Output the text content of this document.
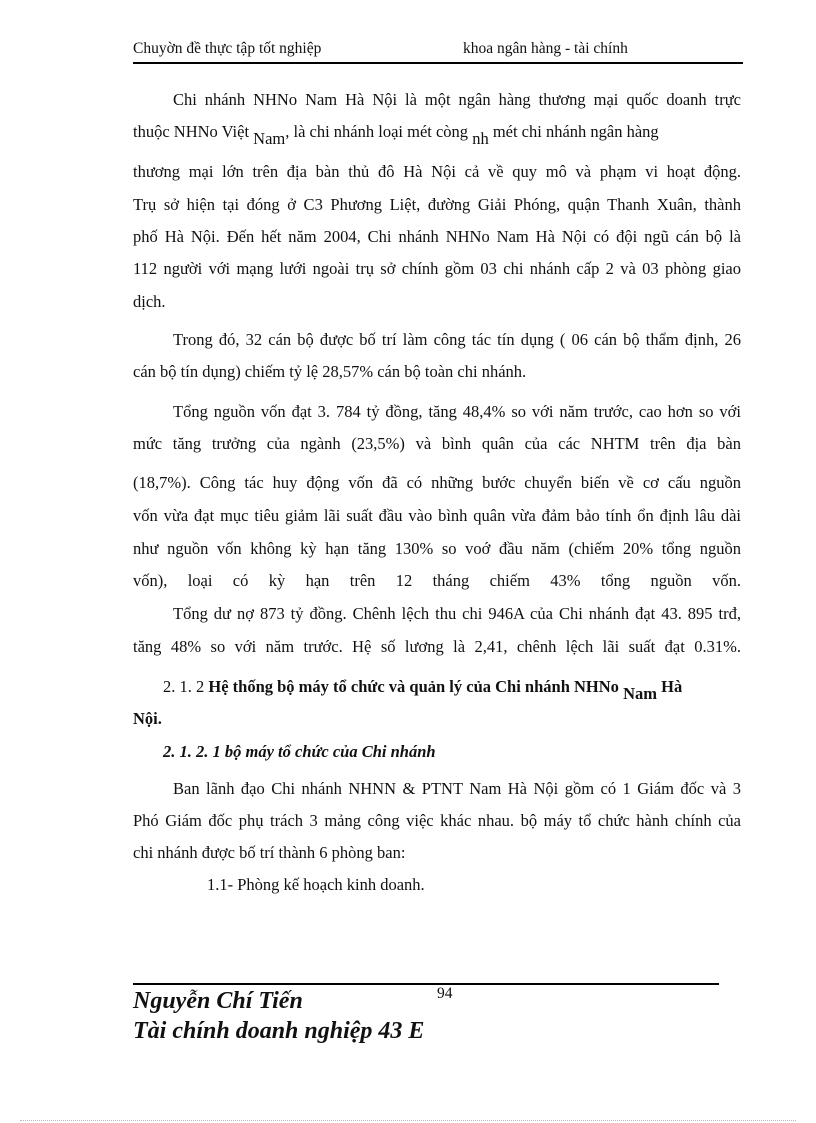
Chuyờn đề thực tập tốt nghiệp	khoa ngân hàng - tài chính
Chi nhánh NHNo Nam Hà Nội là một ngân hàng thương mại quốc doanh trực
thuộc NHNo Việt Nam, là chi nhánh loại mét còng nh mét chi nhánh ngân hàng
thương mại lớn trên địa bàn thủ đô Hà Nội cả về quy mô và phạm vi hoạt động.
Trụ sở hiện tại đóng ở C3 Phương Liệt, đường Giải Phóng, quận Thanh Xuân, thành
phố Hà Nội. Đến hết năm 2004, Chi nhánh NHNo Nam Hà Nội có đội ngũ cán bộ là
112 người với mạng lưới ngoài trụ sở chính gồm 03 chi nhánh cấp 2 và 03 phòng giao
dịch.
Trong đó, 32 cán bộ được bố trí làm công tác tín dụng ( 06 cán bộ thẩm định, 26
cán bộ tín dụng) chiếm tỷ lệ 28,57% cán bộ toàn chi nhánh.
Tổng nguồn vốn đạt 3. 784 tỷ đồng, tăng 48,4% so với năm trước, cao hơn so với
mức tăng trưởng của ngành (23,5%) và bình quân của các NHTM trên địa bàn
(18,7%). Công tác huy động vốn đã có những bước chuyển biến về cơ cấu nguồn
vốn vừa đạt mục tiêu giảm lãi suất đầu vào bình quân vừa đảm bảo tính ổn định lâu dài
như nguồn vốn không kỳ hạn tăng 130% so voớ đầu năm (chiếm 20% tổng nguồn
vốn), loại có kỳ hạn trên 12 tháng chiếm 43% tổng nguồn vốn.
Tổng dư nợ 873 tỷ đồng. Chênh lệch thu chi 946A của Chi nhánh đạt 43. 895 trđ,
tăng 48% so với năm trước. Hệ số lương là 2,41, chênh lệch lãi suất đạt 0.31%.
2. 1. 2 Hệ thống bộ máy tổ chức và quản lý của Chi nhánh NHNo Nam Hà
Nội.
2. 1. 2. 1 bộ máy tổ chức của Chi nhánh
Ban lãnh đạo Chi nhánh NHNN & PTNT Nam Hà Nội gồm có 1 Giám đốc và 3
Phó Giám đốc phụ trách 3 mảng công việc khác nhau. bộ máy tổ chức hành chính của
chi nhánh được bố trí thành 6 phòng ban:
1.1- Phòng kế hoạch kinh doanh.
94
Nguyễn Chí Tiến
Tài chính doanh nghiệp 43 E
